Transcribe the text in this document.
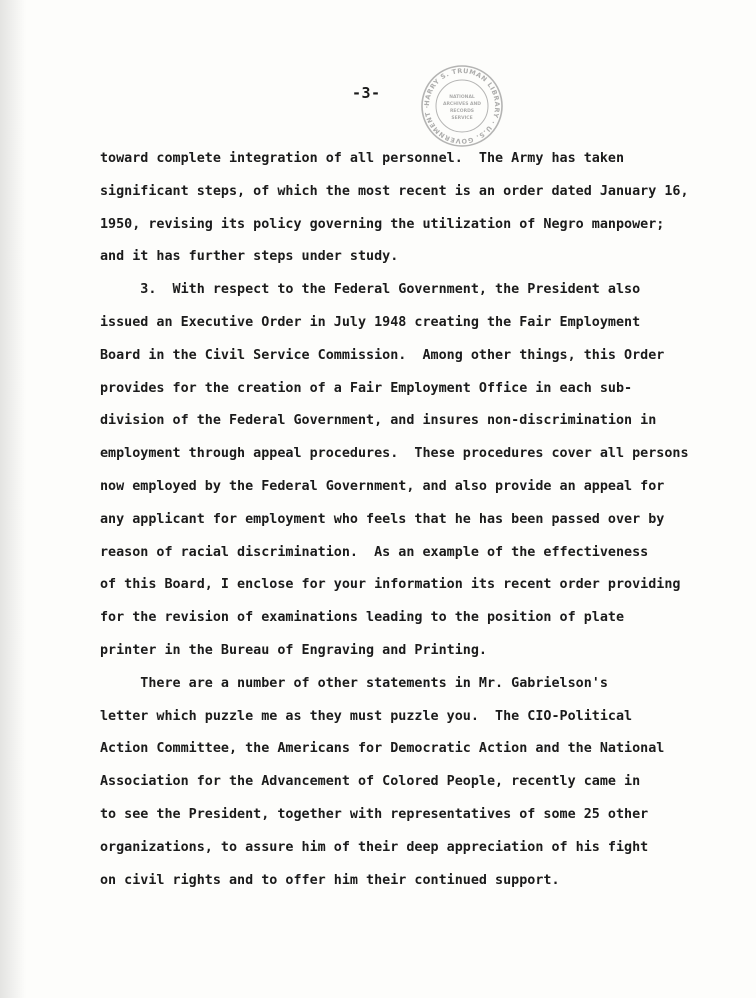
-3-
HARRY S. TRUMAN LIBRARY · U.S. GOVERNMENT ·
NATIONAL
ARCHIVES AND
RECORDS
SERVICE
toward complete integration of all personnel.  The Army has taken
significant steps, of which the most recent is an order dated January 16,
1950, revising its policy governing the utilization of Negro manpower;
and it has further steps under study.
3.  With respect to the Federal Government, the President also
issued an Executive Order in July 1948 creating the Fair Employment
Board in the Civil Service Commission.  Among other things, this Order
provides for the creation of a Fair Employment Office in each sub-
division of the Federal Government, and insures non-discrimination in
employment through appeal procedures.  These procedures cover all persons
now employed by the Federal Government, and also provide an appeal for
any applicant for employment who feels that he has been passed over by
reason of racial discrimination.  As an example of the effectiveness
of this Board, I enclose for your information its recent order providing
for the revision of examinations leading to the position of plate
printer in the Bureau of Engraving and Printing.
There are a number of other statements in Mr. Gabrielson's
letter which puzzle me as they must puzzle you.  The CIO-Political
Action Committee, the Americans for Democratic Action and the National
Association for the Advancement of Colored People, recently came in
to see the President, together with representatives of some 25 other
organizations, to assure him of their deep appreciation of his fight
on civil rights and to offer him their continued support.
